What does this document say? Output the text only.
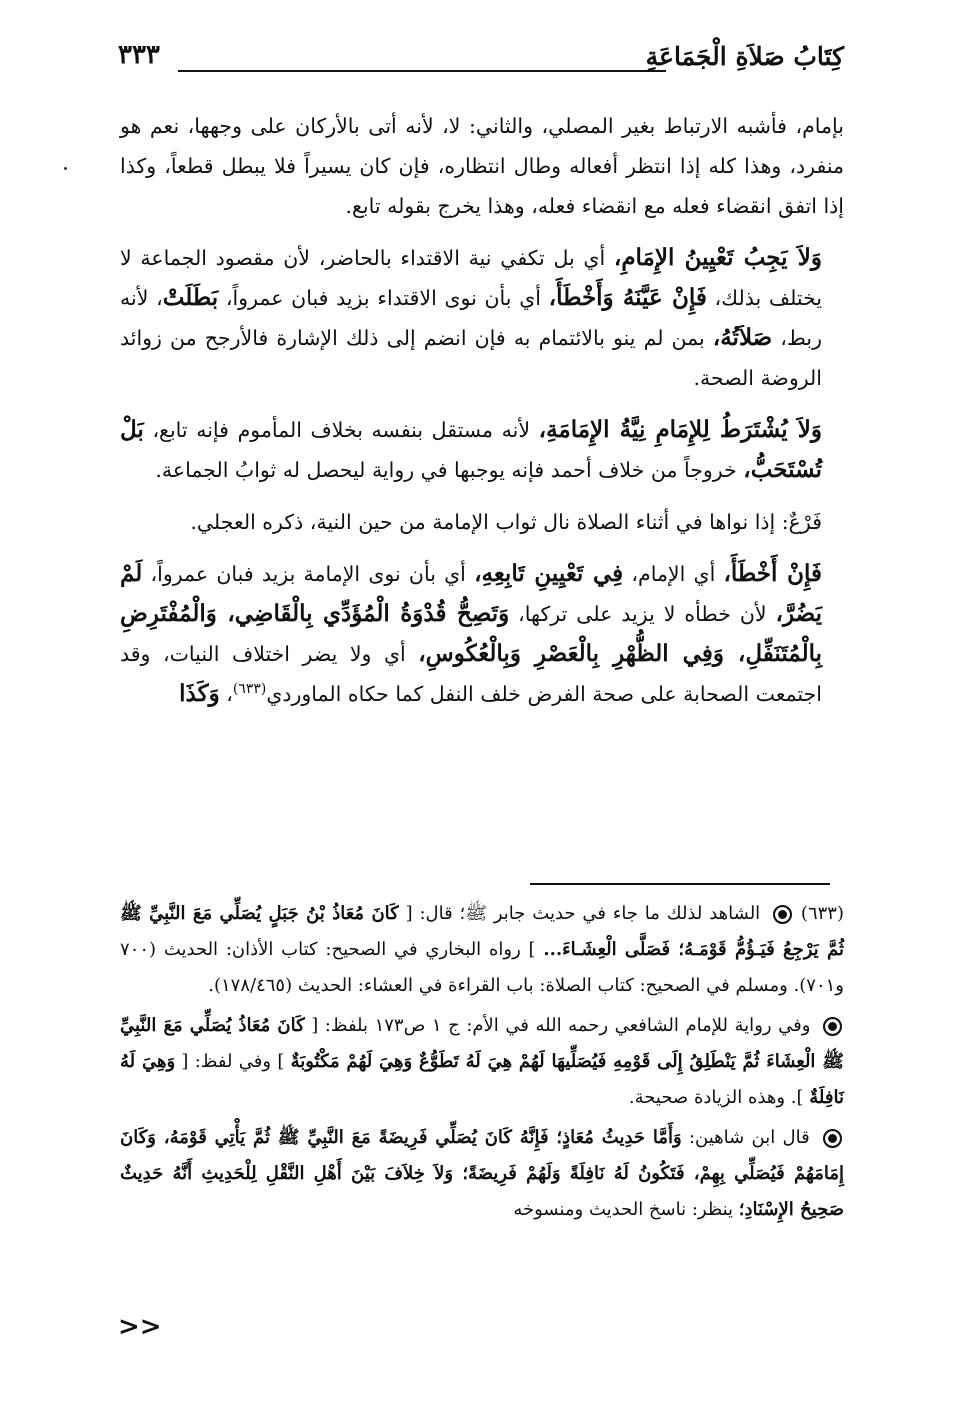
كِتَابُ صَلاَةِ الْجَمَاعَةِ
٣٣٣

بإمام، فأشبه الارتباط بغير المصلي، والثاني: لا، لأنه أتى بالأركان على وجهها، نعم هو منفرد، وهذا كله إذا انتظر أفعاله وطال انتظاره، فإن كان يسيراً فلا يبطل قطعاً، وكذا إذا اتفق انقضاء فعله مع انقضاء فعله، وهذا يخرج بقوله تابع.

وَلاَ يَجِبُ تَعْيِينُ الإِمَامِ، أي بل تكفي نية الاقتداء بالحاضر، لأن مقصود الجماعة لا يختلف بذلك، فَإِنْ عَيَّنَهُ وَأَخْطَأَ، أي بأن نوى الاقتداء بزيد فبان عمرواً، بَطَلَتْ، لأنه ربط، صَلاَتُهُ، بمن لم ينو بالائتمام به فإن انضم إلى ذلك الإشارة فالأرجح من زوائد الروضة الصحة.

وَلاَ يُشْتَرَطُ لِلإِمَامِ نِيَّةُ الإِمَامَةِ، لأنه مستقل بنفسه بخلاف المأموم فإنه تابع، بَلْ تُسْتَحَبُّ، خروجاً من خلاف أحمد فإنه يوجبها في رواية ليحصل له ثوابُ الجماعة.

فَرْعٌ: إذا نواها في أثناء الصلاة نال ثواب الإمامة من حين النية، ذكره العجلي.

فَإِنْ أَخْطَأَ، أي الإمام، فِي تَعْيِينِ تَابِعِهِ، أي بأن نوى الإمامة بزيد فبان عمرواً، لَمْ يَضُرَّ، لأن خطأه لا يزيد على تركها، وَتَصِحُّ قُدْوَةُ الْمُؤَدِّي بِالْقَاضِي، وَالْمُفْتَرِضِ بِالْمُتَنَفِّلِ، وَفِي الظُّهْرِ بِالْعَصْرِ وَبِالْعُكُوسِ، أي ولا يضر اختلاف النيات، وقد اجتمعت الصحابة على صحة الفرض خلف النفل كما حكاه الماوردي$^{(٦٣٣)}$، وَكَذَا

(٦٣٣)  الشاهد لذلك ما جاء في حديث جابر ﷺ؛ قال: [ كَانَ مُعَاذُ بْنُ جَبَلٍ يُصَلِّي مَعَ النَّبِيِّ ﷺ ثُمَّ يَرْجِعُ فَيَـؤُمُّ قَوْمَـهُ؛ فَصَلَّى الْعِشَـاءَ... ] رواه البخاري في الصحيح: كتاب الأذان: الحديث (٧٠٠ و٧٠١). ومسلم في الصحيح: كتاب الصلاة: باب القراءة في العشاء: الحديث (١٧٨/٤٦٥).

وفي رواية للإمام الشافعي رحمه الله في الأم: ج ١ ص١٧٣ بلفظ: [ كَانَ مُعَاذُ يُصَلِّي مَعَ النَّبِيِّ ﷺ الْعِشَاءَ ثُمَّ يَنْطَلِقُ إِلَى قَوْمِهِ فَيُصَلِّيهَا لَهُمْ هِيَ لَهُ تَطَوُّعٌ وَهِيَ لَهُمْ مَكْتُوبَةٌ ] وفي لفظ: [ وَهِيَ لَهُ نَافِلَةٌ ]. وهذه الزيادة صحيحة.

قال ابن شاهين: وَأَمَّا حَدِيثُ مُعَاذٍ؛ فَإِنَّهُ كَانَ يُصَلِّي فَرِيضَةً مَعَ النَّبِيِّ ﷺ ثُمَّ يَأْتِي قَوْمَهُ، وَكَانَ إِمَامَهُمْ فَيُصَلِّي بِهِمْ، فَتَكُونُ لَهُ نَافِلَةً وَلَهُمْ فَرِيضَةً؛ وَلاَ خِلاَفَ بَيْنَ أَهْلِ النَّقْلِ لِلْحَدِيثِ أَنَّهُ حَدِيثٌ صَحِيحُ الإِسْنَادِ؛ ينظر: ناسخ الحديث ومنسوخه

>>
